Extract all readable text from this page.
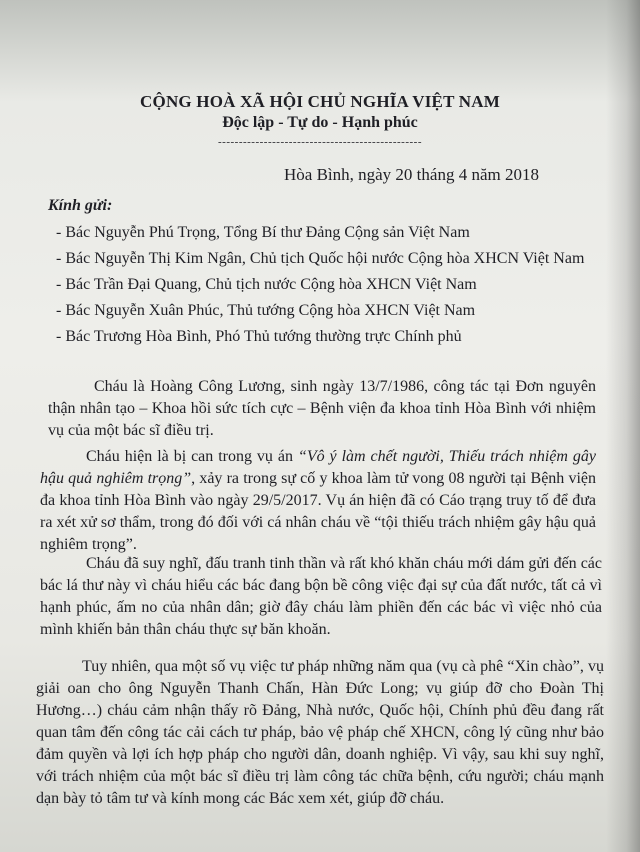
CỘNG HOÀ XÃ HỘI CHỦ NGHĨA VIỆT NAM
Độc lập - Tự do - Hạnh phúc
-------------------------------------------------
Hòa Bình, ngày 20 tháng 4 năm 2018
Kính gửi:
- Bác Nguyễn Phú Trọng, Tổng Bí thư Đảng Cộng sản Việt Nam
- Bác Nguyễn Thị Kim Ngân, Chủ tịch Quốc hội nước Cộng hòa XHCN Việt Nam
- Bác Trần Đại Quang, Chủ tịch nước Cộng hòa XHCN Việt Nam
- Bác Nguyễn Xuân Phúc, Thủ tướng Cộng hòa XHCN Việt Nam
- Bác Trương Hòa Bình, Phó Thủ tướng thường trực Chính phủ
Cháu là Hoàng Công Lương, sinh ngày 13/7/1986, công tác tại Đơn nguyên thận nhân tạo – Khoa hồi sức tích cực – Bệnh viện đa khoa tỉnh Hòa Bình với nhiệm vụ của một bác sĩ điều trị.
Cháu hiện là bị can trong vụ án “Vô ý làm chết người, Thiếu trách nhiệm gây hậu quả nghiêm trọng”, xảy ra trong sự cố y khoa làm tử vong 08 người tại Bệnh viện đa khoa tỉnh Hòa Bình vào ngày 29/5/2017. Vụ án hiện đã có Cáo trạng truy tố để đưa ra xét xử sơ thẩm, trong đó đối với cá nhân cháu về “tội thiếu trách nhiệm gây hậu quả nghiêm trọng”.
Cháu đã suy nghĩ, đấu tranh tinh thần và rất khó khăn cháu mới dám gửi đến các bác lá thư này vì cháu hiểu các bác đang bộn bề công việc đại sự của đất nước, tất cả vì hạnh phúc, ấm no của nhân dân; giờ đây cháu làm phiền đến các bác vì việc nhỏ của mình khiến bản thân cháu thực sự băn khoăn.
Tuy nhiên, qua một số vụ việc tư pháp những năm qua (vụ cà phê “Xin chào”, vụ giải oan cho ông Nguyễn Thanh Chấn, Hàn Đức Long; vụ giúp đỡ cho Đoàn Thị Hương…) cháu cảm nhận thấy rõ Đảng, Nhà nước, Quốc hội, Chính phủ đều đang rất quan tâm đến công tác cải cách tư pháp, bảo vệ pháp chế XHCN, công lý cũng như bảo đảm quyền và lợi ích hợp pháp cho người dân, doanh nghiệp. Vì vậy, sau khi suy nghĩ, với trách nhiệm của một bác sĩ điều trị làm công tác chữa bệnh, cứu người; cháu mạnh dạn bày tỏ tâm tư và kính mong các Bác xem xét, giúp đỡ cháu.
